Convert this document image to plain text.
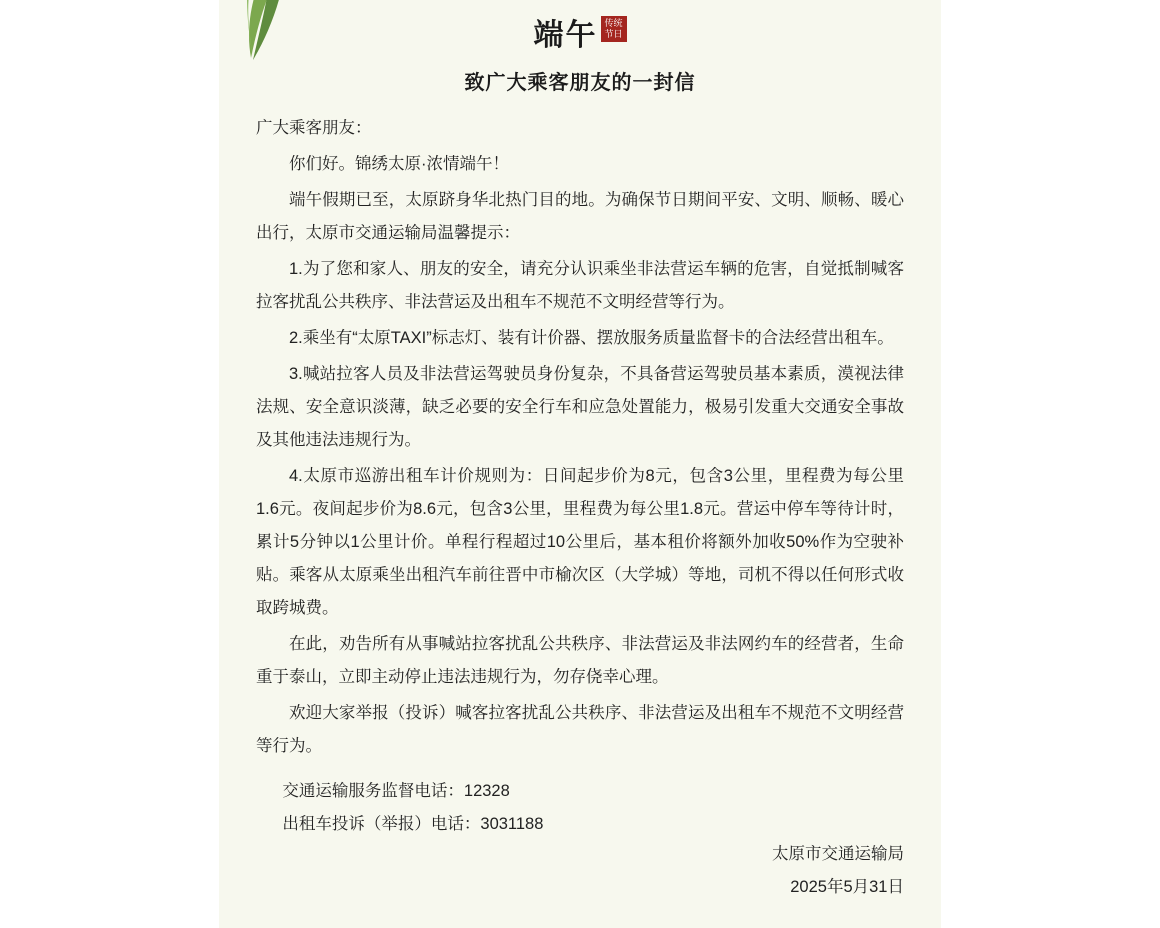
端午 传统节日
致广大乘客朋友的一封信

广大乘客朋友：

你们好。锦绣太原·浓情端午！

端午假期已至，太原跻身华北热门目的地。为确保节日期间平安、文明、顺畅、暖心出行，太原市交通运输局温馨提示：

1.为了您和家人、朋友的安全，请充分认识乘坐非法营运车辆的危害，自觉抵制喊客拉客扰乱公共秩序、非法营运及出租车不规范不文明经营等行为。

2.乘坐有“太原TAXI”标志灯、装有计价器、摆放服务质量监督卡的合法经营出租车。

3.喊站拉客人员及非法营运驾驶员身份复杂，不具备营运驾驶员基本素质，漠视法律法规、安全意识淡薄，缺乏必要的安全行车和应急处置能力，极易引发重大交通安全事故及其他违法违规行为。

4.太原市巡游出租车计价规则为：日间起步价为8元，包含3公里，里程费为每公里1.6元。夜间起步价为8.6元，包含3公里，里程费为每公里1.8元。营运中停车等待计时，累计5分钟以1公里计价。单程行程超过10公里后，基本租价将额外加收50%作为空驶补贴。乘客从太原乘坐出租汽车前往晋中市榆次区（大学城）等地，司机不得以任何形式收取跨城费。

在此，劝告所有从事喊站拉客扰乱公共秩序、非法营运及非法网约车的经营者，生命重于泰山，立即主动停止违法违规行为，勿存侥幸心理。

欢迎大家举报（投诉）喊客拉客扰乱公共秩序、非法营运及出租车不规范不文明经营等行为。

交通运输服务监督电话：12328

出租车投诉（举报）电话：3031188

太原市交通运输局
2025年5月31日
